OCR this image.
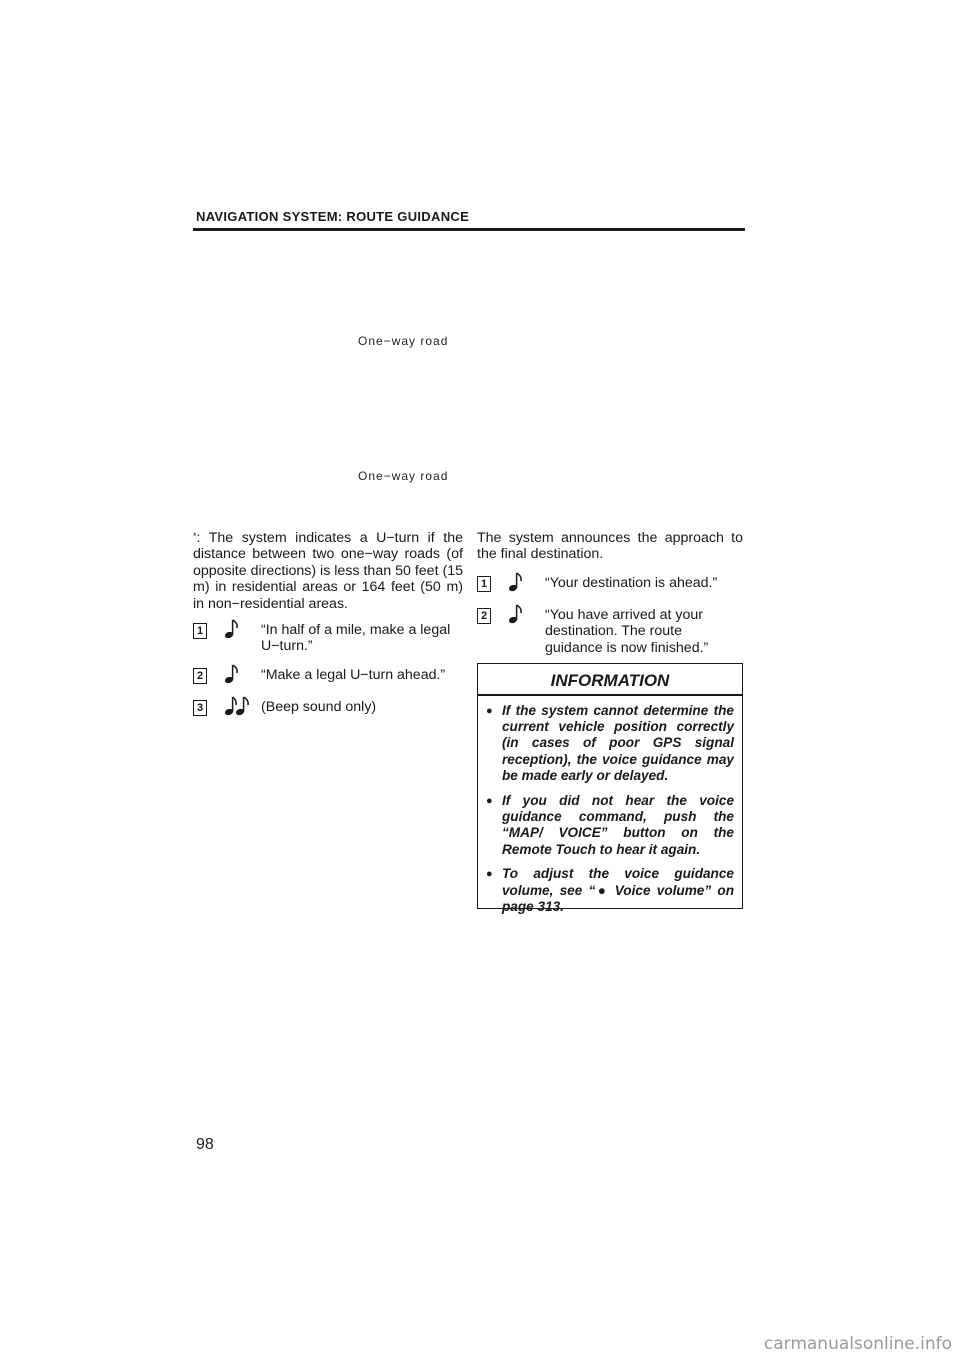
NAVIGATION SYSTEM: ROUTE GUIDANCE
One−way road
One−way road
*: The system indicates a U−turn if the distance between two one−way roads (of opposite directions) is less than 50 feet (15 m) in residential areas or 164 feet (50 m) in non−residential areas.
1	“In half of a mile, make a legal U−turn.”
2	“Make a legal U−turn ahead.”
3	(Beep sound only)
The system announces the approach to the final destination.
1	“Your destination is ahead.”
2	“You have arrived at your destination. The route guidance is now finished.”
INFORMATION
● If the system cannot determine the current vehicle position correctly (in cases of poor GPS signal reception), the voice guidance may be made early or delayed.
● If you did not hear the voice guidance command, push the “MAP/ VOICE” button on the Remote Touch to hear it again.
● To adjust the voice guidance volume, see “● Voice volume” on page 313.
98
carmanualsonline.info
